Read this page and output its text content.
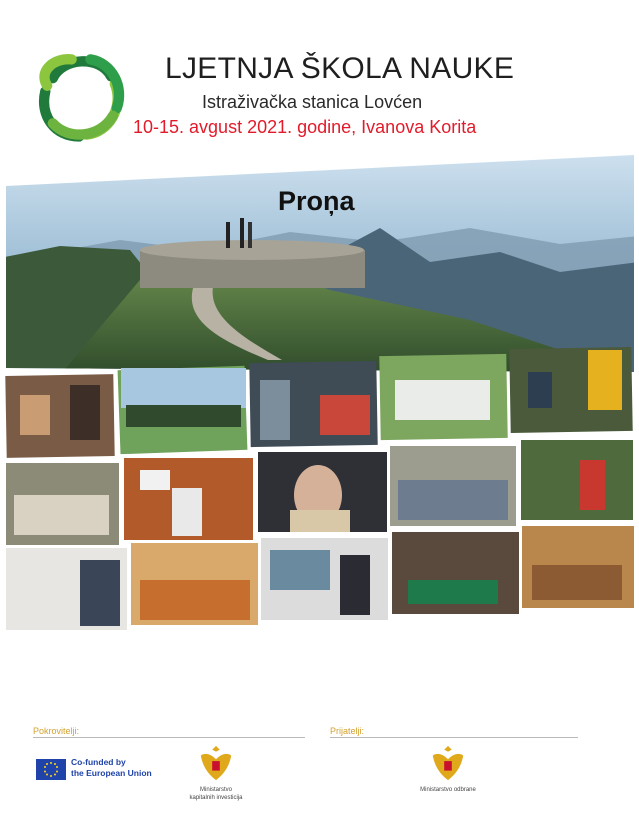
LJETNJA ŠKOLA NAUKE
Istraživačka stanica Lovćen
10-15. avgust 2021. godine, Ivanova Korita
Proņa
Pokrovitelji:	Prijatelji:
Co-funded by
the European Union
Ministarstvo
kapitalnih investicija
Ministarstvo odbrane
